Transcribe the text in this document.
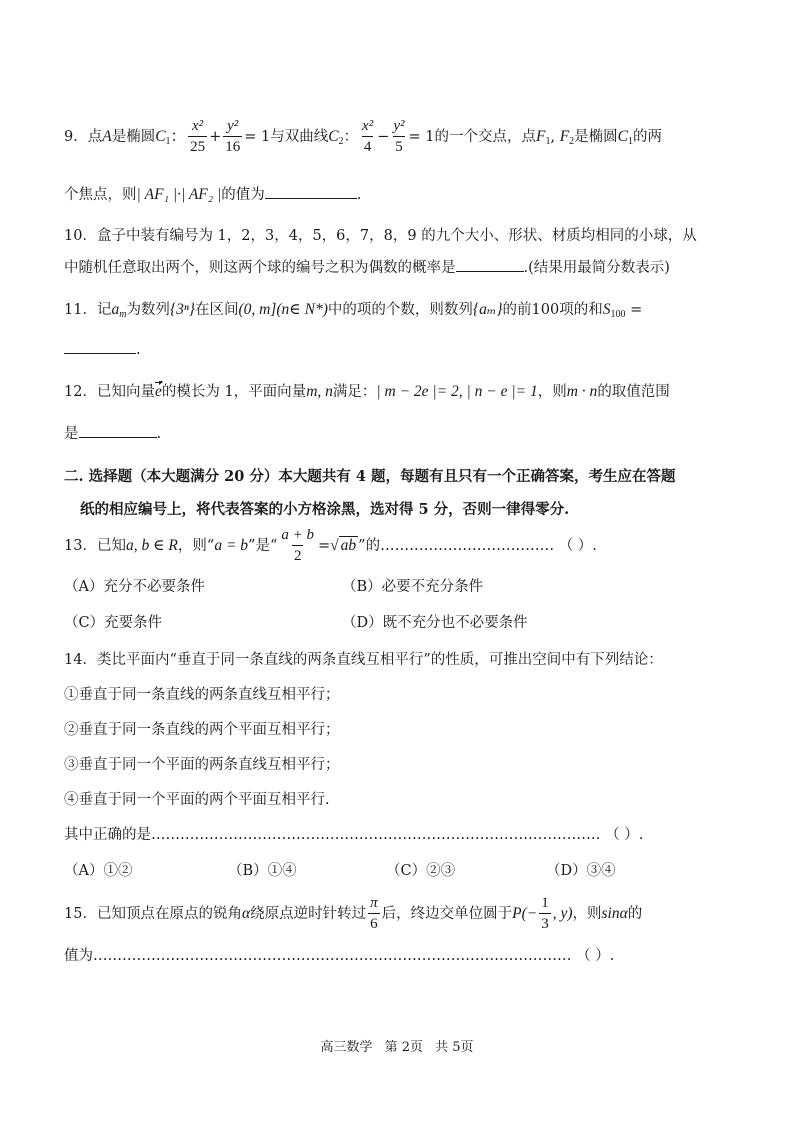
9．点A是椭圆$C_1$： $\frac{\text{x²}}{25} + \frac{\text{y²}}{16} = 1$与双曲线$C_2$： $\frac{\text{x²}}{4} - \frac{\text{y²}}{5} = 1$的一个交点，点$F_1$, $F_2$是椭圆$C_1$的两
个焦点，则| AF₁ |·| AF₂ |的值为	.
10．盒子中装有编号为 1，2，3，4，5，6，7，8，9 的九个大小、形状、材质均相同的小球，从
中随机任意取出两个，则这两个球的编号之积为偶数的概率是	.(结果用最简分数表示)
11．记$a_m$为数列{3ⁿ}在区间(0, m](n∈ N*)中的项的个数，则数列{aₘ}的前100项的和$S_{100}$ =
.
12．已知向量e的模长为 1，平面向量m, n满足：| m − 2e |= 2, | n − e |= 1，则m · n的取值范围
是	.
二. 选择题（本大题满分 20 分）本大题共有 4 题，每题有且只有一个正确答案，考生应在答题
纸的相应编号上，将代表答案的小方格涂黑，选对得 5 分，否则一律得零分.
13．已知a, b ∈ R，则“a = b”是“ $\frac{a + b}{2}$ =√ ab ”的……………………………… （ ）.
（A）充分不必要条件	（B）必要不充分条件
（C）充要条件	（D）既不充分也不必要条件
14．类比平面内“垂直于同一条直线的两条直线互相平行”的性质，可推出空间中有下列结论：
①垂直于同一条直线的两条直线互相平行；
②垂直于同一条直线的两个平面互相平行；
③垂直于同一个平面的两条直线互相平行；
④垂直于同一个平面的两个平面互相平行.
其中正确的是………………………………………………………………………………… （ ）.
（A）①②	（B）①④	（C）②③	（D）③④
15．已知顶点在原点的锐角α绕原点逆时针转过 $\frac{\pi}{6}$ 后，终边交单位圆于$P(- \frac{1}{3}$ , y)，则sinα的
值为……………………………………………………………………………………… （ ）.
高三数学 第 2页 共 5页
